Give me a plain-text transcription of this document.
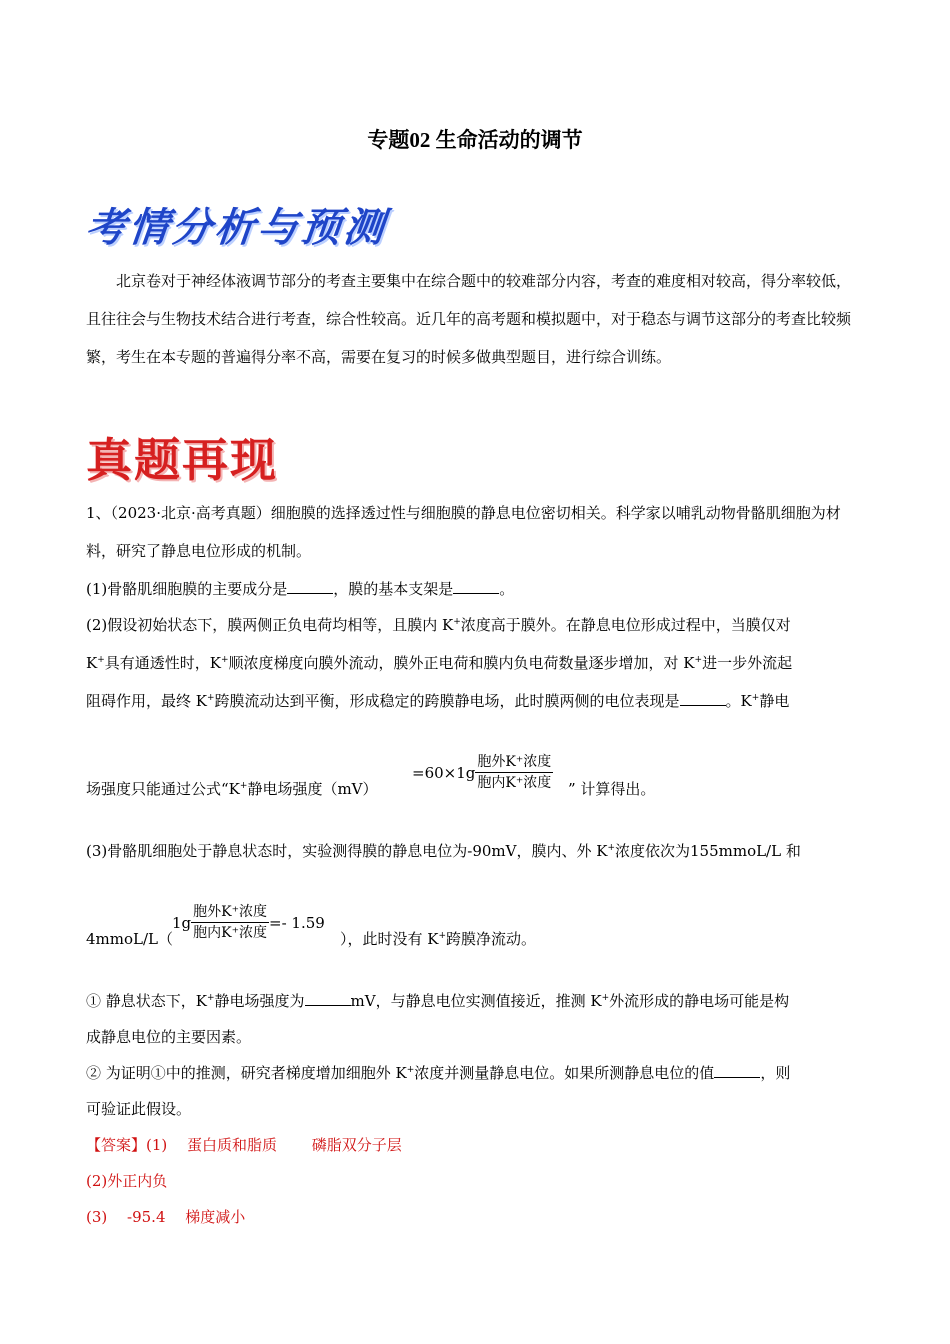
专题02 生命活动的调节
考情分析与预测
北京卷对于神经体液调节部分的考查主要集中在综合题中的较难部分内容，考查的难度相对较高，得分率较低，且往往会与生物技术结合进行考查，综合性较高。近几年的高考题和模拟题中，对于稳态与调节这部分的考查比较频繁，考生在本专题的普遍得分率不高，需要在复习的时候多做典型题目，进行综合训练。
真题再现
1、（2023·北京·高考真题）细胞膜的选择透过性与细胞膜的静息电位密切相关。科学家以哺乳动物骨骼肌细胞为材料，研究了静息电位形成的机制。
(1)骨骼肌细胞膜的主要成分是	，膜的基本支架是	。
(2)假设初始状态下，膜两侧正负电荷均相等，且膜内 K+浓度高于膜外。在静息电位形成过程中，当膜仅对
K+具有通透性时，K+顺浓度梯度向膜外流动，膜外正电荷和膜内负电荷数量逐步增加，对 K+进一步外流起
阻碍作用，最终 K+跨膜流动达到平衡，形成稳定的跨膜静电场，此时膜两侧的电位表现是	。K+静电
场强度只能通过公式“K+静电场强度（mV）
$=60\times 1g \frac{\text{胞外K⁺浓度}}{\text{胞内K⁺浓度}}$ ” 计算得出。
(3)骨骼肌细胞处于静息状态时，实验测得膜的静息电位为-90mV，膜内、外 K+浓度依次为155mmoL/L 和
4mmoL/L（
$1g \frac{\text{胞外K⁺浓度}}{\text{胞内K⁺浓度}} =- 1.59$
），此时没有 K+跨膜净流动。
① 静息状态下，K+静电场强度为	mV，与静息电位实测值接近，推测 K+外流形成的静电场可能是构
成静息电位的主要因素。
② 为证明①中的推测，研究者梯度增加细胞外 K+浓度并测量静息电位。如果所测静息电位的值	，则
可验证此假设。
【答案】(1)　 蛋白质和脂质　　 磷脂双分子层
(2)外正内负
(3)　 -95.4　 梯度减小
